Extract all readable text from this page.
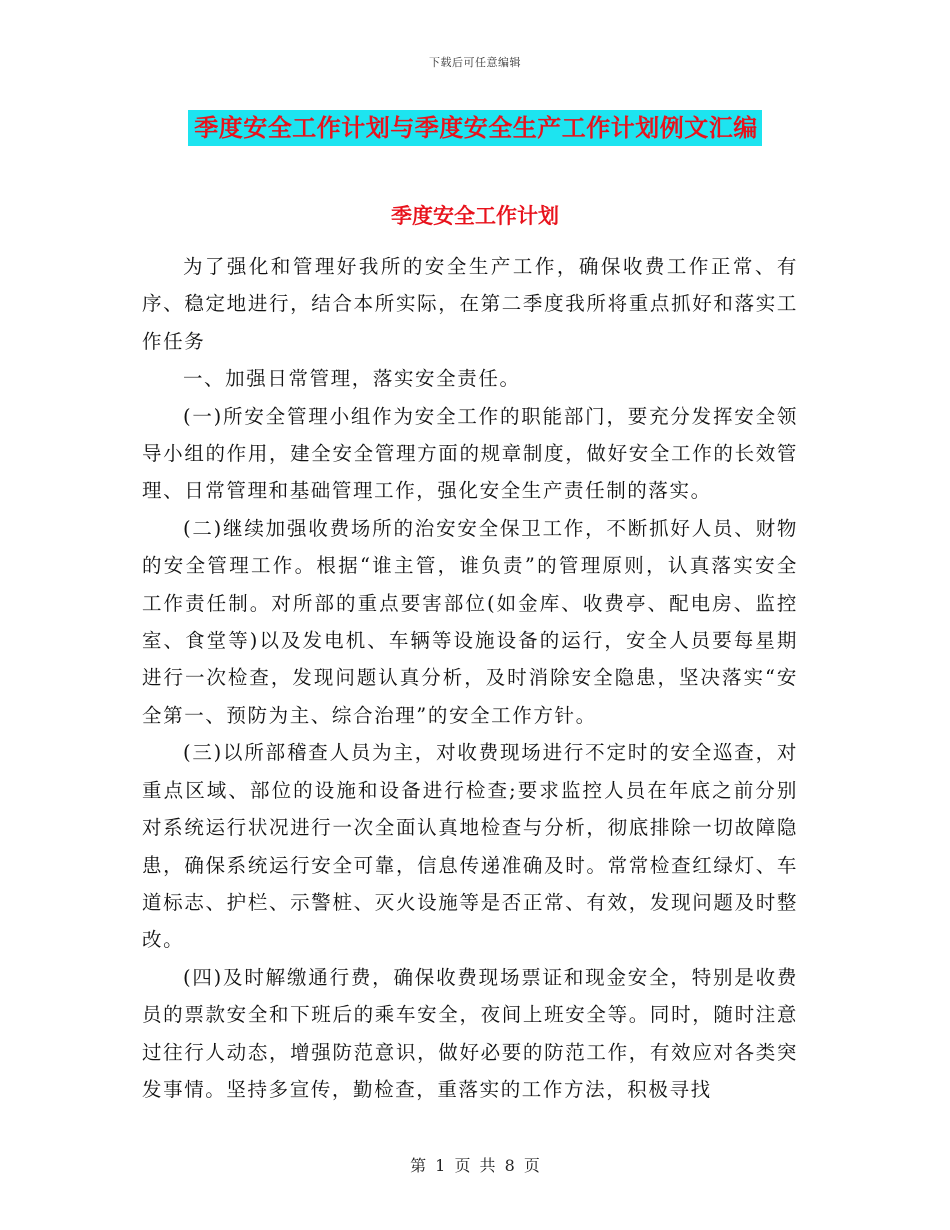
下载后可任意编辑
季度安全工作计划与季度安全生产工作计划例文汇编
季度安全工作计划

为了强化和管理好我所的安全生产工作，确保收费工作正常、有序、稳定地进行，结合本所实际，在第二季度我所将重点抓好和落实工作任务

一、加强日常管理，落实安全责任。

(一)所安全管理小组作为安全工作的职能部门，要充分发挥安全领导小组的作用，建全安全管理方面的规章制度，做好安全工作的长效管理、日常管理和基础管理工作，强化安全生产责任制的落实。

(二)继续加强收费场所的治安安全保卫工作，不断抓好人员、财物的安全管理工作。根据“谁主管，谁负责”的管理原则，认真落实安全工作责任制。对所部的重点要害部位(如金库、收费亭、配电房、监控室、食堂等)以及发电机、车辆等设施设备的运行，安全人员要每星期进行一次检查，发现问题认真分析，及时消除安全隐患，坚决落实“安全第一、预防为主、综合治理”的安全工作方针。

(三)以所部稽查人员为主，对收费现场进行不定时的安全巡查，对重点区域、部位的设施和设备进行检查;要求监控人员在年底之前分别对系统运行状况进行一次全面认真地检查与分析，彻底排除一切故障隐患，确保系统运行安全可靠，信息传递准确及时。常常检查红绿灯、车道标志、护栏、示警桩、灭火设施等是否正常、有效，发现问题及时整改。

(四)及时解缴通行费，确保收费现场票证和现金安全，特别是收费员的票款安全和下班后的乘车安全，夜间上班安全等。同时，随时注意过往行人动态，增强防范意识，做好必要的防范工作，有效应对各类突发事情。坚持多宣传，勤检查，重落实的工作方法，积极寻找

第 1 页 共 8 页
